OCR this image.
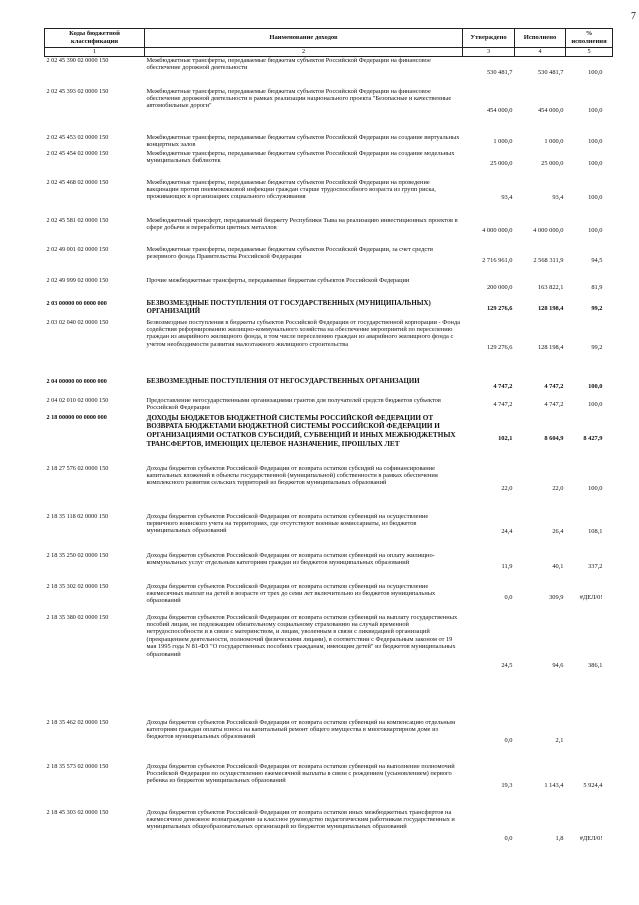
7
Коды бюджетной классификации	Наименование доходов	Утверждено	Исполнено	% исполнения
1	2	3	4	5
2 02 45 390 02 0000 150	Межбюджетные трансферты, передаваемые бюджетам субъектов Российской Федерации на финансовое обеспечение дорожной деятельности	530 481,7	530 481,7	100,0
2 02 45 393 02 0000 150	Межбюджетные трансферты, передаваемые бюджетам субъектов Российской Федерации на финансовое обеспечение дорожной деятельности в рамках реализации национального проекта "Безопасные и качественные автомобильные дороги"	454 000,0	454 000,0	100,0
2 02 45 453 02 0000 150	Межбюджетные трансферты, передаваемые бюджетам субъектов Российской Федерации на создание виртуальных концертных залов	1 000,0	1 000,0	100,0
2 02 45 454 02 0000 150	Межбюджетные трансферты, передаваемые бюджетам субъектов Российской Федерации на создание модельных муниципальных библиотек	25 000,0	25 000,0	100,0
2 02 45 468 02 0000 150	Межбюджетные трансферты, передаваемые бюджетам субъектов Российской Федерации на проведение вакцинации против пневмококковой инфекции граждан старше трудоспособного возраста из групп риска, проживающих в организациях социального обслуживания	93,4	93,4	100,0
2 02 45 581 02 0000 150	Межбюджетный трансферт, передаваемый бюджету Республики Тыва на реализацию инвестиционных проектов в сфере добычи и переработки цветных металлов	4 000 000,0	4 000 000,0	100,0
2 02 49 001 02 0000 150	Межбюджетные трансферты, передаваемые бюджетам субъектов Российской Федерации, за счет средств резервного фонда Правительства Российской Федерации	2 716 961,0	2 568 311,9	94,5
2 02 49 999 02 0000 150	Прочие межбюджетные трансферты, передаваемые бюджетам субъектов Российской Федерации	200 000,0	163 822,1	81,9
2 03 00000 00 0000 000	БЕЗВОЗМЕЗДНЫЕ ПОСТУПЛЕНИЯ ОТ ГОСУДАРСТВЕННЫХ (МУНИЦИПАЛЬНЫХ) ОРГАНИЗАЦИЙ	129 276,6	128 198,4	99,2
2 03 02 040 02 0000 150	Безвозмездные поступления в бюджеты субъектов Российской Федерации от государственной корпорации - Фонда содействия реформированию жилищно-коммунального хозяйства на обеспечение мероприятий по переселению граждан из аварийного жилищного фонда, в том числе переселению граждан из аварийного жилищного фонда с учетом необходимости развития малоэтажного жилищного строительства	129 276,6	128 198,4	99,2
2 04 00000 00 0000 000	БЕЗВОЗМЕЗДНЫЕ ПОСТУПЛЕНИЯ ОТ НЕГОСУДАРСТВЕННЫХ ОРГАНИЗАЦИЙ	4 747,2	4 747,2	100,0
2 04 02 010 02 0000 150	Предоставление негосударственными организациями грантов для получателей средств бюджетов субъектов Российской Федерации	4 747,2	4 747,2	100,0
2 18 00000 00 0000 000	ДОХОДЫ БЮДЖЕТОВ БЮДЖЕТНОЙ СИСТЕМЫ РОССИЙСКОЙ ФЕДЕРАЦИИ ОТ ВОЗВРАТА БЮДЖЕТАМИ БЮДЖЕТНОЙ СИСТЕМЫ РОССИЙСКОЙ ФЕДЕРАЦИИ И ОРГАНИЗАЦИЯМИ ОСТАТКОВ СУБСИДИЙ, СУБВЕНЦИЙ И ИНЫХ МЕЖБЮДЖЕТНЫХ ТРАНСФЕРТОВ, ИМЕЮЩИХ ЦЕЛЕВОЕ НАЗНАЧЕНИЕ, ПРОШЛЫХ ЛЕТ	102,1	8 604,9	8 427,9
2 18 27 576 02 0000 150	Доходы бюджетов субъектов Российской Федерации от возврата остатков субсидий на софинансирование капитальных вложений в объекты государственной (муниципальной) собственности в рамках обеспечения комплексного развития сельских территорий из бюджетов муниципальных образований	22,0	22,0	100,0
2 18 35 118 02 0000 150	Доходы бюджетов субъектов Российской Федерации от возврата остатков субвенций на осуществление первичного воинского учета на территориях, где отсутствуют военные комиссариаты, из бюджетов муниципальных образований	24,4	26,4	108,1
2 18 35 250 02 0000 150	Доходы бюджетов субъектов Российской Федерации от возврата остатков субвенций на оплату жилищно-коммунальных услуг отдельным категориям граждан из бюджетов муниципальных образований	11,9	40,1	337,2
2 18 35 302 02 0000 150	Доходы бюджетов субъектов Российской Федерации от возврата остатков субвенций на осуществление ежемесячных выплат на детей в возрасте от трех до семи лет включительно из бюджетов муниципальных образований	0,0	309,9	#ДЕЛ/0!
2 18 35 380 02 0000 150	Доходы бюджетов субъектов Российской Федерации от возврата остатков субвенций на выплату государственных пособий лицам, не подлежащим обязательному социальному страхованию на случай временной нетрудоспособности и в связи с материнством, и лицам, уволенным в связи с ликвидацией организаций (прекращением деятельности, полномочий физическими лицами), в соответствии с Федеральным законом от 19 мая 1995 года N 81-ФЗ "О государственных пособиях гражданам, имеющим детей" из бюджетов муниципальных образований	24,5	94,6	386,1
2 18 35 462 02 0000 150	Доходы бюджетов субъектов Российской Федерации от возврата остатков субвенций на компенсацию отдельным категориям граждан оплаты взноса на капитальный ремонт общего имущества в многоквартирном доме из бюджетов муниципальных образований	0,0	2,1	
2 18 35 573 02 0000 150	Доходы бюджетов субъектов Российской Федерации от возврата остатков субвенций на выполнение полномочий Российской Федерации по осуществлению ежемесячной выплаты в связи с рождением (усыновлением) первого ребенка из бюджетов муниципальных образований	19,3	1 143,4	5 924,4
2 18 45 303 02 0000 150	Доходы бюджетов субъектов Российской Федерации от возврата остатков иных межбюджетных трансфертов на ежемесячное денежное вознаграждение за классное руководство педагогическим работникам государственных и муниципальных общеобразовательных организаций из бюджетов муниципальных образований	0,0	1,8	#ДЕЛ/0!
